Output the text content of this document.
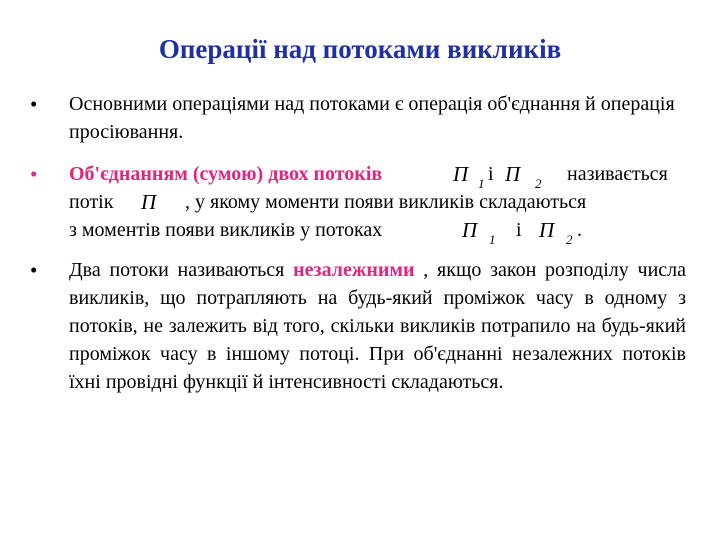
Операції над потоками викликів
• Основними операціями над потоками є операція об'єднання й операція просіювання.
• Об'єднанням (сумою) двох потоків	Π 1 і Π 2 називається
потік Π , у якому моменти появи викликів складаються
з моментів появи викликів у потоках	Π 1 і Π 2 .
• Два потоки називаються незалежними , якщо закон розподілу числа викликів, що потрапляють на будь-який проміжок часу в одному з потоків, не залежить від того, скільки викликів потрапило на будь-який проміжок часу в іншому потоці. При об'єднанні незалежних потоків їхні провідні функції й інтенсивності складаються.
